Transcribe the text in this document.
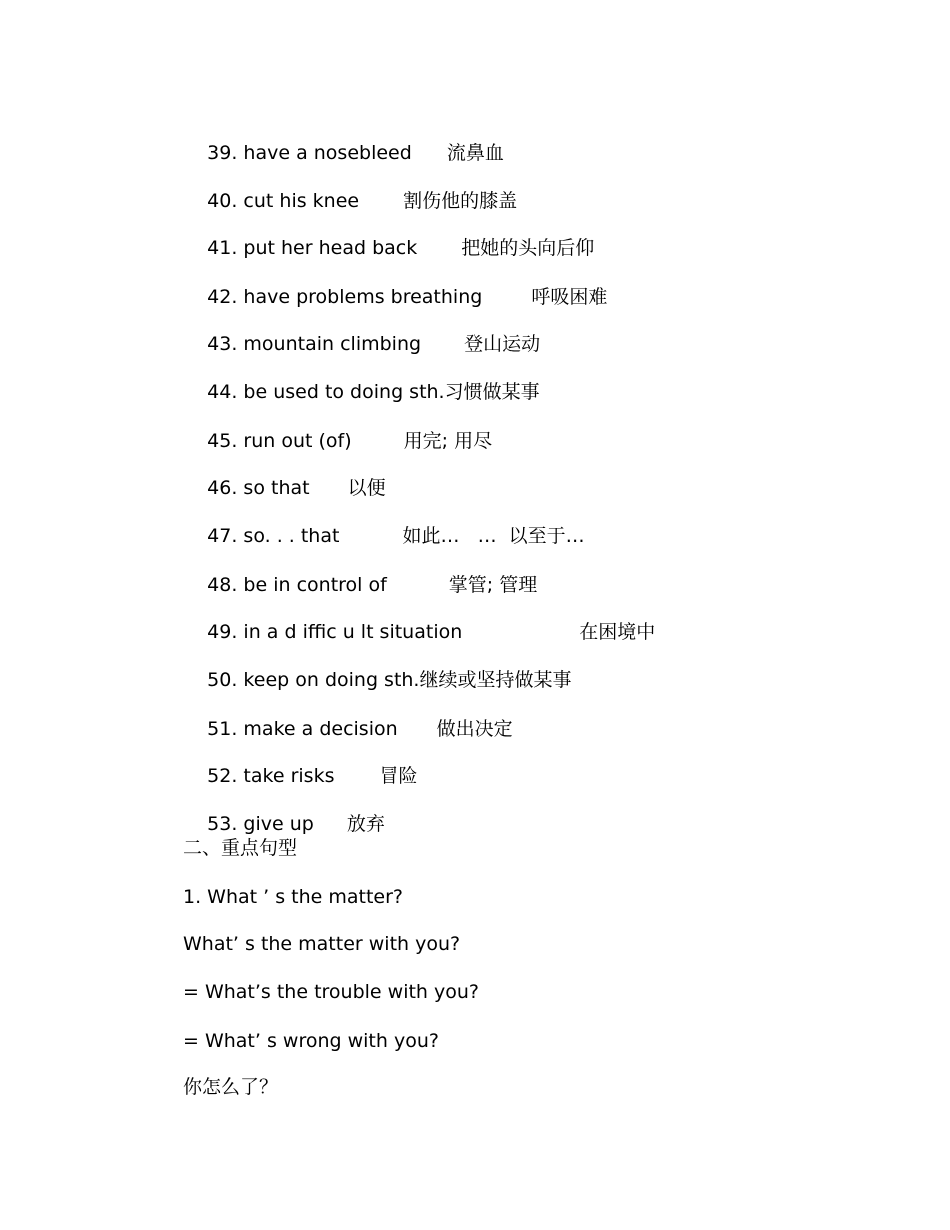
39. have a nosebleed 流鼻血

40. cut his knee 割伤他的膝盖

41. put her head back 把她的头向后仰

42. have problems breathing	呼吸困难

43. mountain climbing 登山运动

44. be used to doing sth.习惯做某事

45. run out (of)	用完; 用尽

46. so that 以便

47. so. . . that	如此…   …  以至于…

48. be in control of	掌管; 管理

49. in a d iffic u lt situation	在困境中

50. keep on doing sth.继续或坚持做某事

51. make a decision 做出决定

52. take risks 冒险

53. give up 放弃

二、重点句型
1. What ’ s the matter?
What’ s the matter with you?
= What’s the trouble with you?
= What’ s wrong with you?
你怎么了？
